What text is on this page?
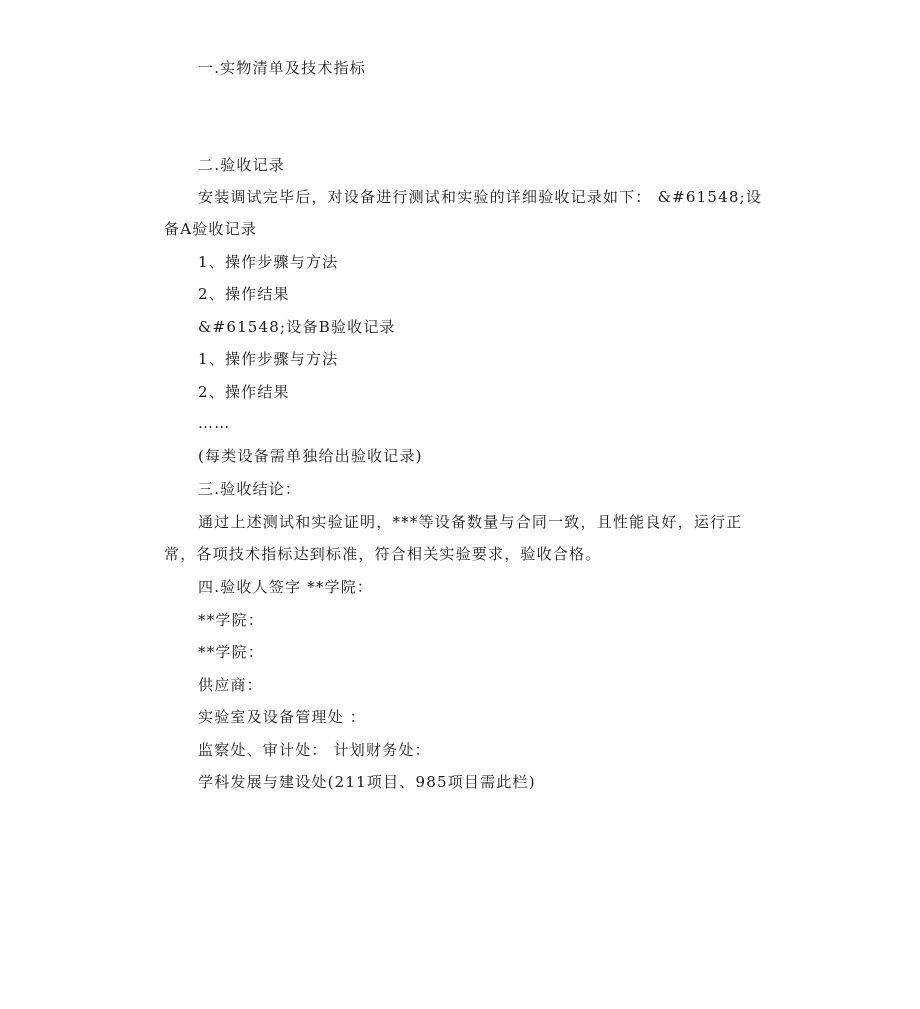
一.实物清单及技术指标
二.验收记录
安装调试完毕后，对设备进行测试和实验的详细验收记录如下： &#61548;设
备A验收记录
1、操作步骤与方法
2、操作结果
&#61548;设备B验收记录
1、操作步骤与方法
2、操作结果
……
(每类设备需单独给出验收记录)
三.验收结论：
通过上述测试和实验证明，***等设备数量与合同一致，且性能良好，运行正
常，各项技术指标达到标准，符合相关实验要求，验收合格。
四.验收人签字 **学院：
**学院：
**学院：
供应商：
实验室及设备管理处 ：
监察处、审计处： 计划财务处：
学科发展与建设处(211项目、985项目需此栏)
